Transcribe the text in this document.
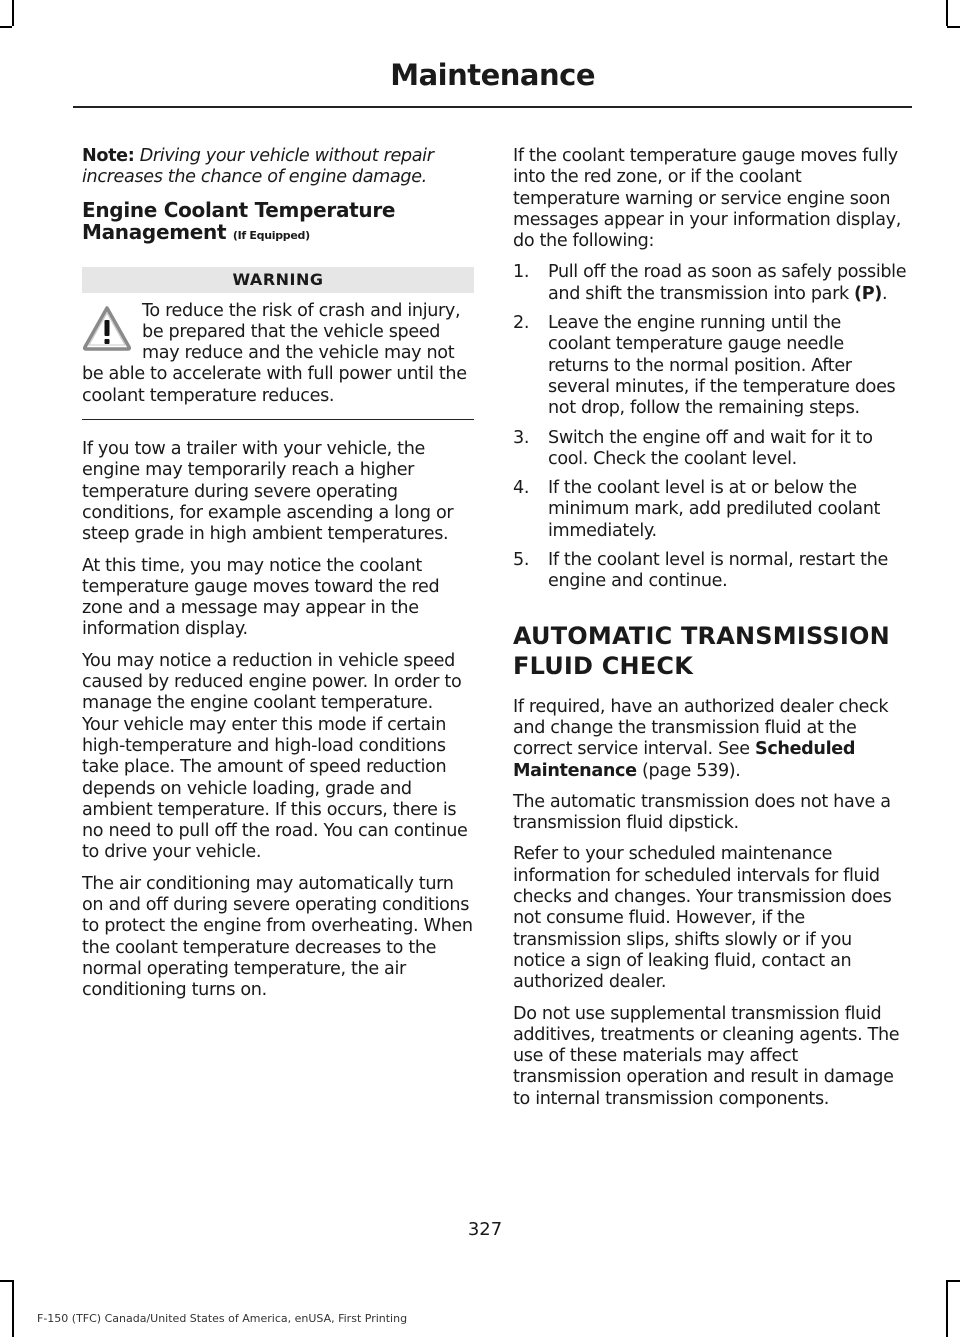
Maintenance

Note: Driving your vehicle without repair increases the chance of engine damage.

Engine Coolant Temperature Management (If Equipped)
WARNING

To reduce the risk of crash and injury, be prepared that the vehicle speed may reduce and the vehicle may not be able to accelerate with full power until the coolant temperature reduces.

If you tow a trailer with your vehicle, the engine may temporarily reach a higher temperature during severe operating conditions, for example ascending a long or steep grade in high ambient temperatures.

At this time, you may notice the coolant temperature gauge moves toward the red zone and a message may appear in the information display.

You may notice a reduction in vehicle speed caused by reduced engine power. In order to manage the engine coolant temperature. Your vehicle may enter this mode if certain high-temperature and high-load conditions take place. The amount of speed reduction depends on vehicle loading, grade and ambient temperature. If this occurs, there is no need to pull off the road. You can continue to drive your vehicle.

The air conditioning may automatically turn on and off during severe operating conditions to protect the engine from overheating. When the coolant temperature decreases to the normal operating temperature, the air conditioning turns on.

If the coolant temperature gauge moves fully into the red zone, or if the coolant temperature warning or service engine soon messages appear in your information display, do the following:

1. Pull off the road as soon as safely possible and shift the transmission into park (P).
2. Leave the engine running until the coolant temperature gauge needle returns to the normal position. After several minutes, if the temperature does not drop, follow the remaining steps.
3. Switch the engine off and wait for it to cool. Check the coolant level.
4. If the coolant level is at or below the minimum mark, add prediluted coolant immediately.
5. If the coolant level is normal, restart the engine and continue.
AUTOMATIC TRANSMISSION
FLUID CHECK

If required, have an authorized dealer check and change the transmission fluid at the correct service interval. See Scheduled Maintenance (page 539).

The automatic transmission does not have a transmission fluid dipstick.

Refer to your scheduled maintenance information for scheduled intervals for fluid checks and changes. Your transmission does not consume fluid. However, if the transmission slips, shifts slowly or if you notice a sign of leaking fluid, contact an authorized dealer.

Do not use supplemental transmission fluid additives, treatments or cleaning agents. The use of these materials may affect transmission operation and result in damage to internal transmission components.

327
F-150 (TFC) Canada/United States of America, enUSA, First Printing
